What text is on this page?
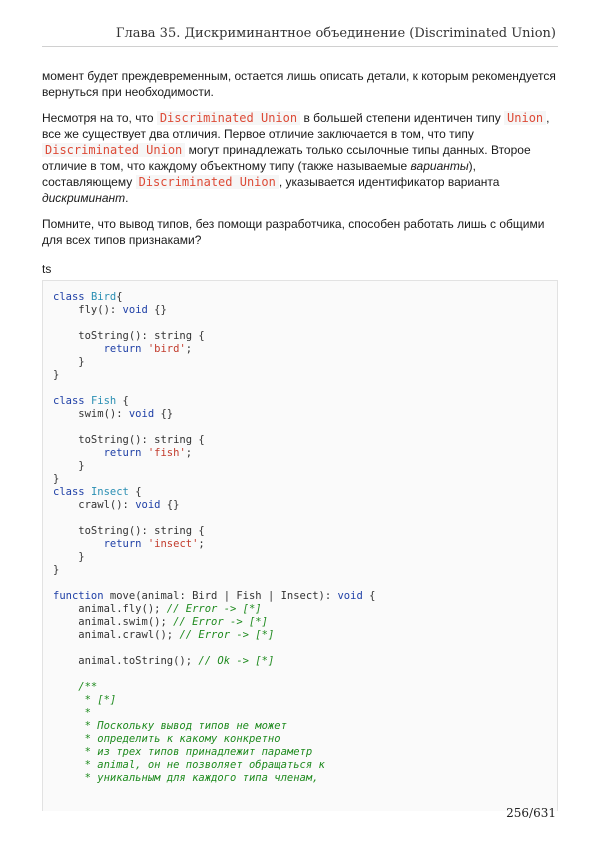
Глава 35. Дискриминантное объединение (Discriminated Union)

момент будет преждевременным, остается лишь описать детали, к которым рекомендуется вернуться при необходимости.

Несмотря на то, что Discriminated Union в большей степени идентичен типу Union , все же существует два отличия. Первое отличие заключается в том, что типу Discriminated Union могут принадлежать только ссылочные типы данных. Второе отличие в том, что каждому объектному типу (также называемые варианты), составляющему Discriminated Union , указывается идентификатор варианта дискриминант.

Помните, что вывод типов, без помощи разработчика, способен работать лишь с общими для всех типов признаками?

ts
class Bird{
fly(): void {}
toString(): string {
return 'bird';
}
}
class Fish {
swim(): void {}
toString(): string {
return 'fish';
}
}
class Insect {
crawl(): void {}
toString(): string {
return 'insect';
}
}
function move(animal: Bird | Fish | Insect): void {
animal.fly(); // Error -> [*]
animal.swim(); // Error -> [*]
animal.crawl(); // Error -> [*]
animal.toString(); // Ok -> [*]
/**
* [*]
*
* Поскольку вывод типов не может
* определить к какому конкретно
* из трех типов принадлежит параметр
* animal, он не позволяет обращаться к
* уникальным для каждого типа членам,
256/631
